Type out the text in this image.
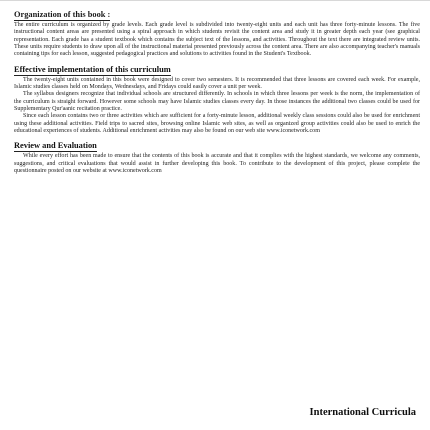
Organization of this book :

The entire curriculum is organized by grade levels. Each grade level is subdivided into twenty-eight units and each unit has three forty-minute lessons. The five instructional content areas are presented using a spiral approach in which students revisit the content area and study it in greater depth each year (see graphical representation. Each grade has a student textbook which contains the subject text of the lessons, and activities. Throughout the text there are integrated review units. These units require students to draw upon all of the instructional material presented previously across the content area. There are also accompanying teacher's manuals containing tips for each lesson, suggested pedagogical practices and solutions to activities found in the Student's Textbook.

Effective implementation of this curriculum

The twenty-eight units contained in this book were designed to cover two semesters. It is recommended that three lessons are covered each week. For example, Islamic studies classes held on Mondays, Wednesdays, and Fridays could easily cover a unit per week.

The syllabus designers recognize that individual schools are structured differently. In schools in which three lessons per week is the norm, the implementation of the curriculum is straight forward. However some schools may have Islamic studies classes every day. In those instances the additional two classes could be used for Supplementary Qur'aanic recitation practice.

Since each lesson contains two or three activities which are sufficient for a forty-minute lesson, additional weekly class sessions could also be used for enrichment using these additional activities. Field trips to sacred sites, browsing online Islamic web sites, as well as organized group activities could also be used to enrich the educational experiences of students. Additional enrichment activities may also be found on our web site www.iconetwork.com

Review and Evaluation

While every effort has been made to ensure that the contents of this book is accurate and that it complies with the highest standards, we welcome any comments, suggestions, and critical evaluations that would assist in further developing this book. To contribute to the development of this project, please complete the questionnaire posted on our website at www.iconetwork.com

International Curricula
